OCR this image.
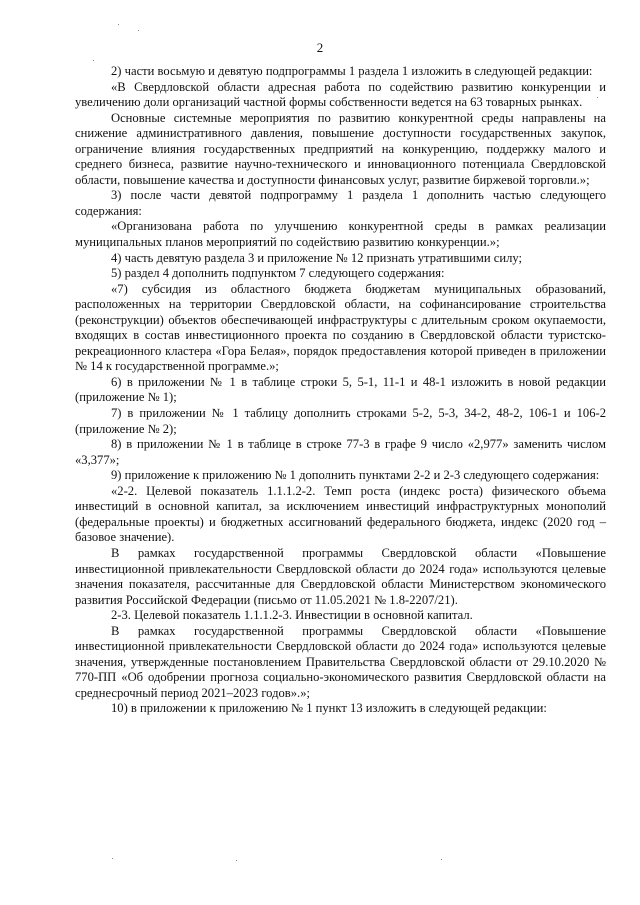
2

2) части восьмую и девятую подпрограммы 1 раздела 1 изложить в следующей редакции:

«В Свердловской области адресная работа по содействию развитию конкуренции и увеличению доли организаций частной формы собственности ведется на 63 товарных рынках.

Основные системные мероприятия по развитию конкурентной среды направлены на снижение административного давления, повышение доступности государственных закупок, ограничение влияния государственных предприятий на конкуренцию, поддержку малого и среднего бизнеса, развитие научно-технического и инновационного потенциала Свердловской области, повышение качества и доступности финансовых услуг, развитие биржевой торговли.»;

3) после части девятой подпрограмму 1 раздела 1 дополнить частью следующего содержания:

«Организована работа по улучшению конкурентной среды в рамках реализации муниципальных планов мероприятий по содействию развитию конкуренции.»;

4) часть девятую раздела 3 и приложение № 12 признать утратившими силу;

5) раздел 4 дополнить подпунктом 7 следующего содержания:

«7) субсидия из областного бюджета бюджетам муниципальных образований, расположенных на территории Свердловской области, на софинансирование строительства (реконструкции) объектов обеспечивающей инфраструктуры с длительным сроком окупаемости, входящих в состав инвестиционного проекта по созданию в Свердловской области туристско-рекреационного кластера «Гора Белая», порядок предоставления которой приведен в приложении № 14 к государственной программе.»;

6) в приложении № 1 в таблице строки 5, 5-1, 11-1 и 48-1 изложить в новой редакции (приложение № 1);

7) в приложении № 1 таблицу дополнить строками 5-2, 5-3, 34-2, 48-2, 106-1 и 106-2 (приложение № 2);

8) в приложении № 1 в таблице в строке 77-3 в графе 9 число «2,977» заменить числом «3,377»;

9) приложение к приложению № 1 дополнить пунктами 2-2 и 2-3 следующего содержания:

«2-2. Целевой показатель 1.1.1.2-2. Темп роста (индекс роста) физического объема инвестиций в основной капитал, за исключением инвестиций инфраструктурных монополий (федеральные проекты) и бюджетных ассигнований федерального бюджета, индекс (2020 год – базовое значение).

В рамках государственной программы Свердловской области «Повышение инвестиционной привлекательности Свердловской области до 2024 года» используются целевые значения показателя, рассчитанные для Свердловской области Министерством экономического развития Российской Федерации (письмо от 11.05.2021 № 1.8-2207/21).

2-3. Целевой показатель 1.1.1.2-3. Инвестиции в основной капитал.

В рамках государственной программы Свердловской области «Повышение инвестиционной привлекательности Свердловской области до 2024 года» используются целевые значения, утвержденные постановлением Правительства Свердловской области от 29.10.2020 № 770-ПП «Об одобрении прогноза социально-экономического развития Свердловской области на среднесрочный период 2021–2023 годов».»;

10) в приложении к приложению № 1 пункт 13 изложить в следующей редакции:
